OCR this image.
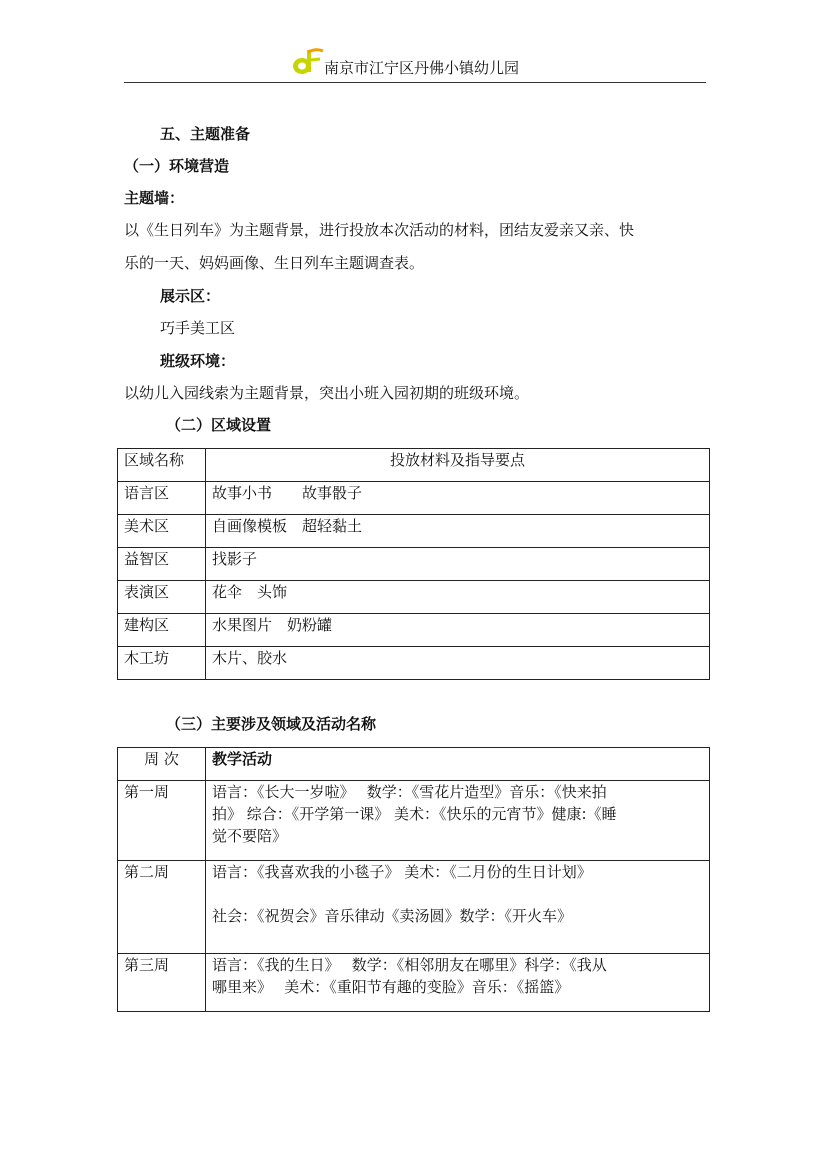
南京市江宁区丹佛小镇幼儿园
五、主题准备
（一）环境营造
主题墙：
以《生日列车》为主题背景，进行投放本次活动的材料，团结友爱亲又亲、快
乐的一天、妈妈画像、生日列车主题调查表。
展示区：
巧手美工区
班级环境：
以幼儿入园线索为主题背景，突出小班入园初期的班级环境。
（二）区域设置
区域名称	投放材料及指导要点
语言区	故事小书　　故事骰子
美术区	自画像模板　超轻黏土
益智区	找影子
表演区	花伞　头饰
建构区	水果图片　奶粉罐
木工坊	木片、胶水
（三）主要涉及领域及活动名称
周 次	教学活动
第一周	语言：《长大一岁啦》　 数学：《雪花片造型》音乐：《快来拍
拍》 综合：《开学第一课》 美术：《快乐的元宵节》健康:《睡
觉不要陪》

第二周	语言：《我喜欢我的小毯子》 美术：《二月份的生日计划》
社会：《祝贺会》音乐律动《卖汤圆》数学：《开火车》

第三周	语言：《我的生日》　 数学：《相邻朋友在哪里》科学：《我从
哪里来》　 美术：《重阳节有趣的变脸》音乐：《摇篮》
